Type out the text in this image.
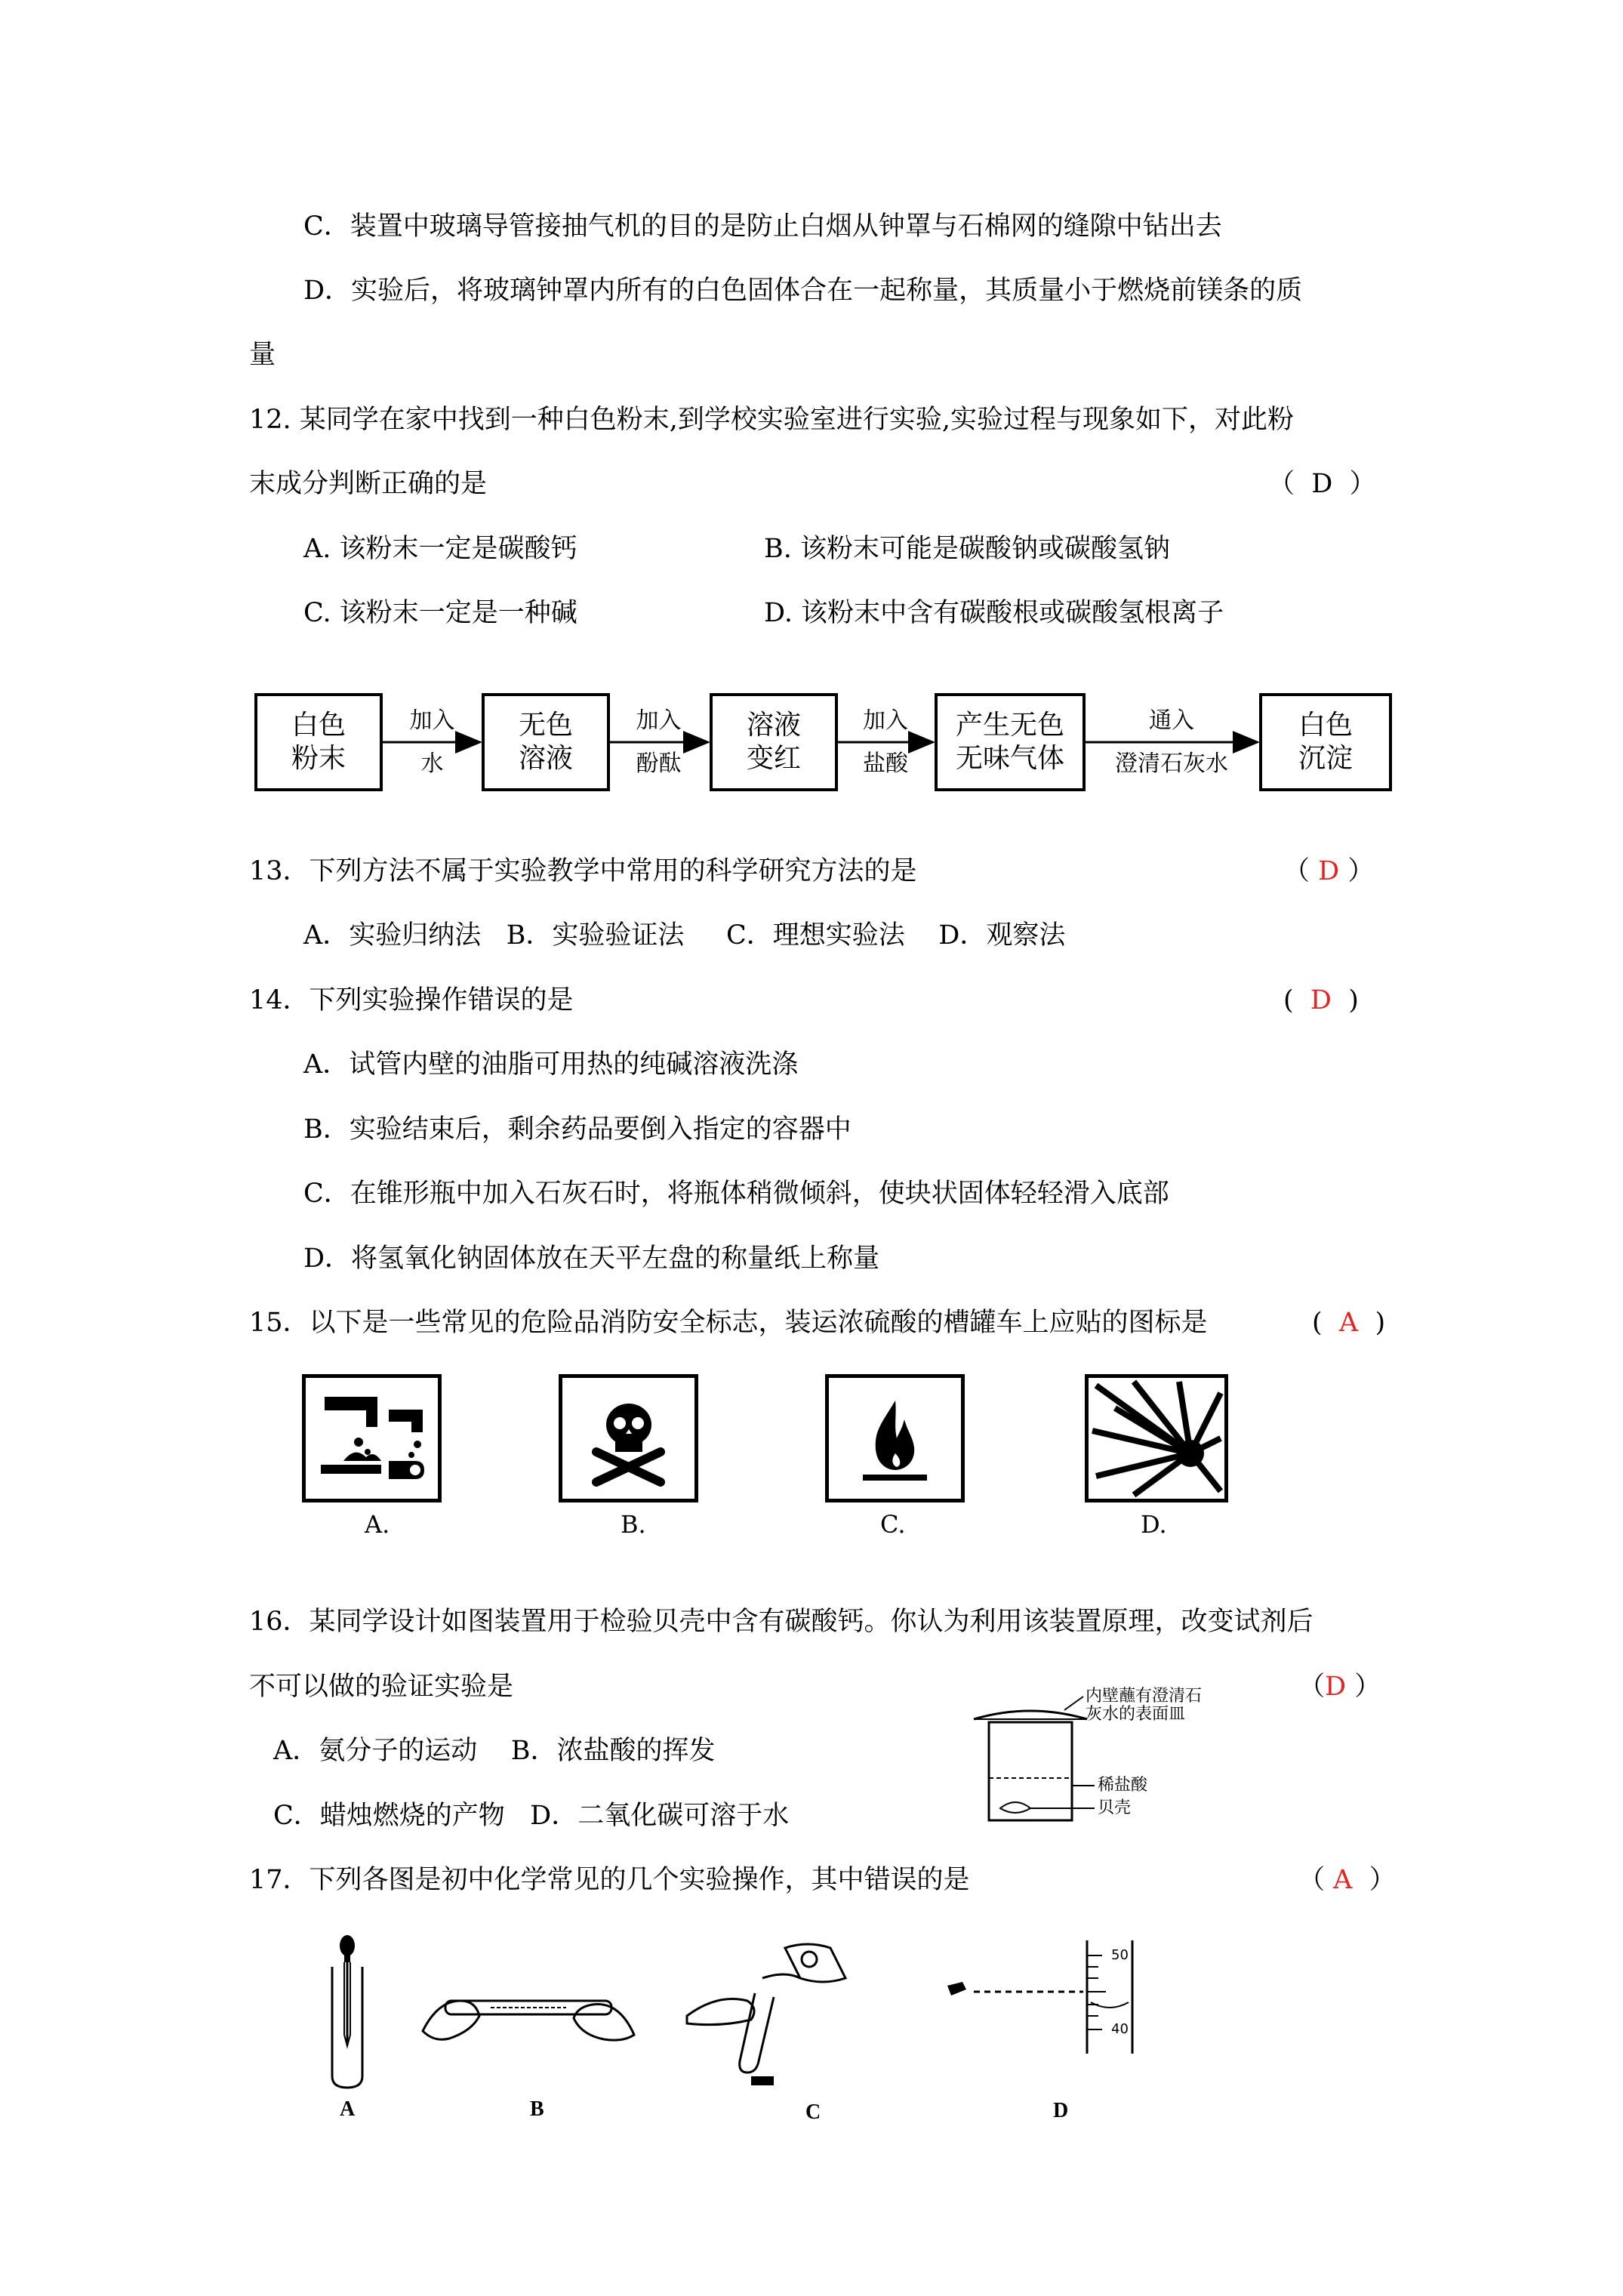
C．装置中玻璃导管接抽气机的目的是防止白烟从钟罩与石棉网的缝隙中钻出去
D．实验后，将玻璃钟罩内所有的白色固体合在一起称量，其质量小于燃烧前镁条的质
量
12. 某同学在家中找到一种白色粉末,到学校实验室进行实验,实验过程与现象如下，对此粉
末成分判断正确的是	（ D ）
A. 该粉末一定是碳酸钙	B. 该粉末可能是碳酸钠或碳酸氢钠
C. 该粉末一定是一种碱	D. 该粉末中含有碳酸根或碳酸氢根离子
白色
粉末
无色
溶液
溶液
变红
产生无色
无味气体
白色
沉淀
加入
水
加入
酚酞
加入
盐酸
通入
澄清石灰水
13．下列方法不属于实验教学中常用的科学研究方法的是	（ D ）
A．实验归纳法   B．实验验证法     C．理想实验法    D．观察法
14．下列实验操作错误的是	( D )
A．试管内壁的油脂可用热的纯碱溶液洗涤
B．实验结束后，剩余药品要倒入指定的容器中
C．在锥形瓶中加入石灰石时，将瓶体稍微倾斜，使块状固体轻轻滑入底部
D．将氢氧化钠固体放在天平左盘的称量纸上称量
15．以下是一些常见的危险品消防安全标志，装运浓硫酸的槽罐车上应贴的图标是	( A )
A.	B.	C.	D.
16．某同学设计如图装置用于检验贝壳中含有碳酸钙。你认为利用该装置原理，改变试剂后
不可以做的验证实验是	（D ）
A．氨分子的运动    B．浓盐酸的挥发
C．蜡烛燃烧的产物   D．二氧化碳可溶于水
内壁蘸有澄清石
灰水的表面皿
稀盐酸
贝壳
17．下列各图是初中化学常见的几个实验操作，其中错误的是	（ A ）
50
40
A	B	C	D
